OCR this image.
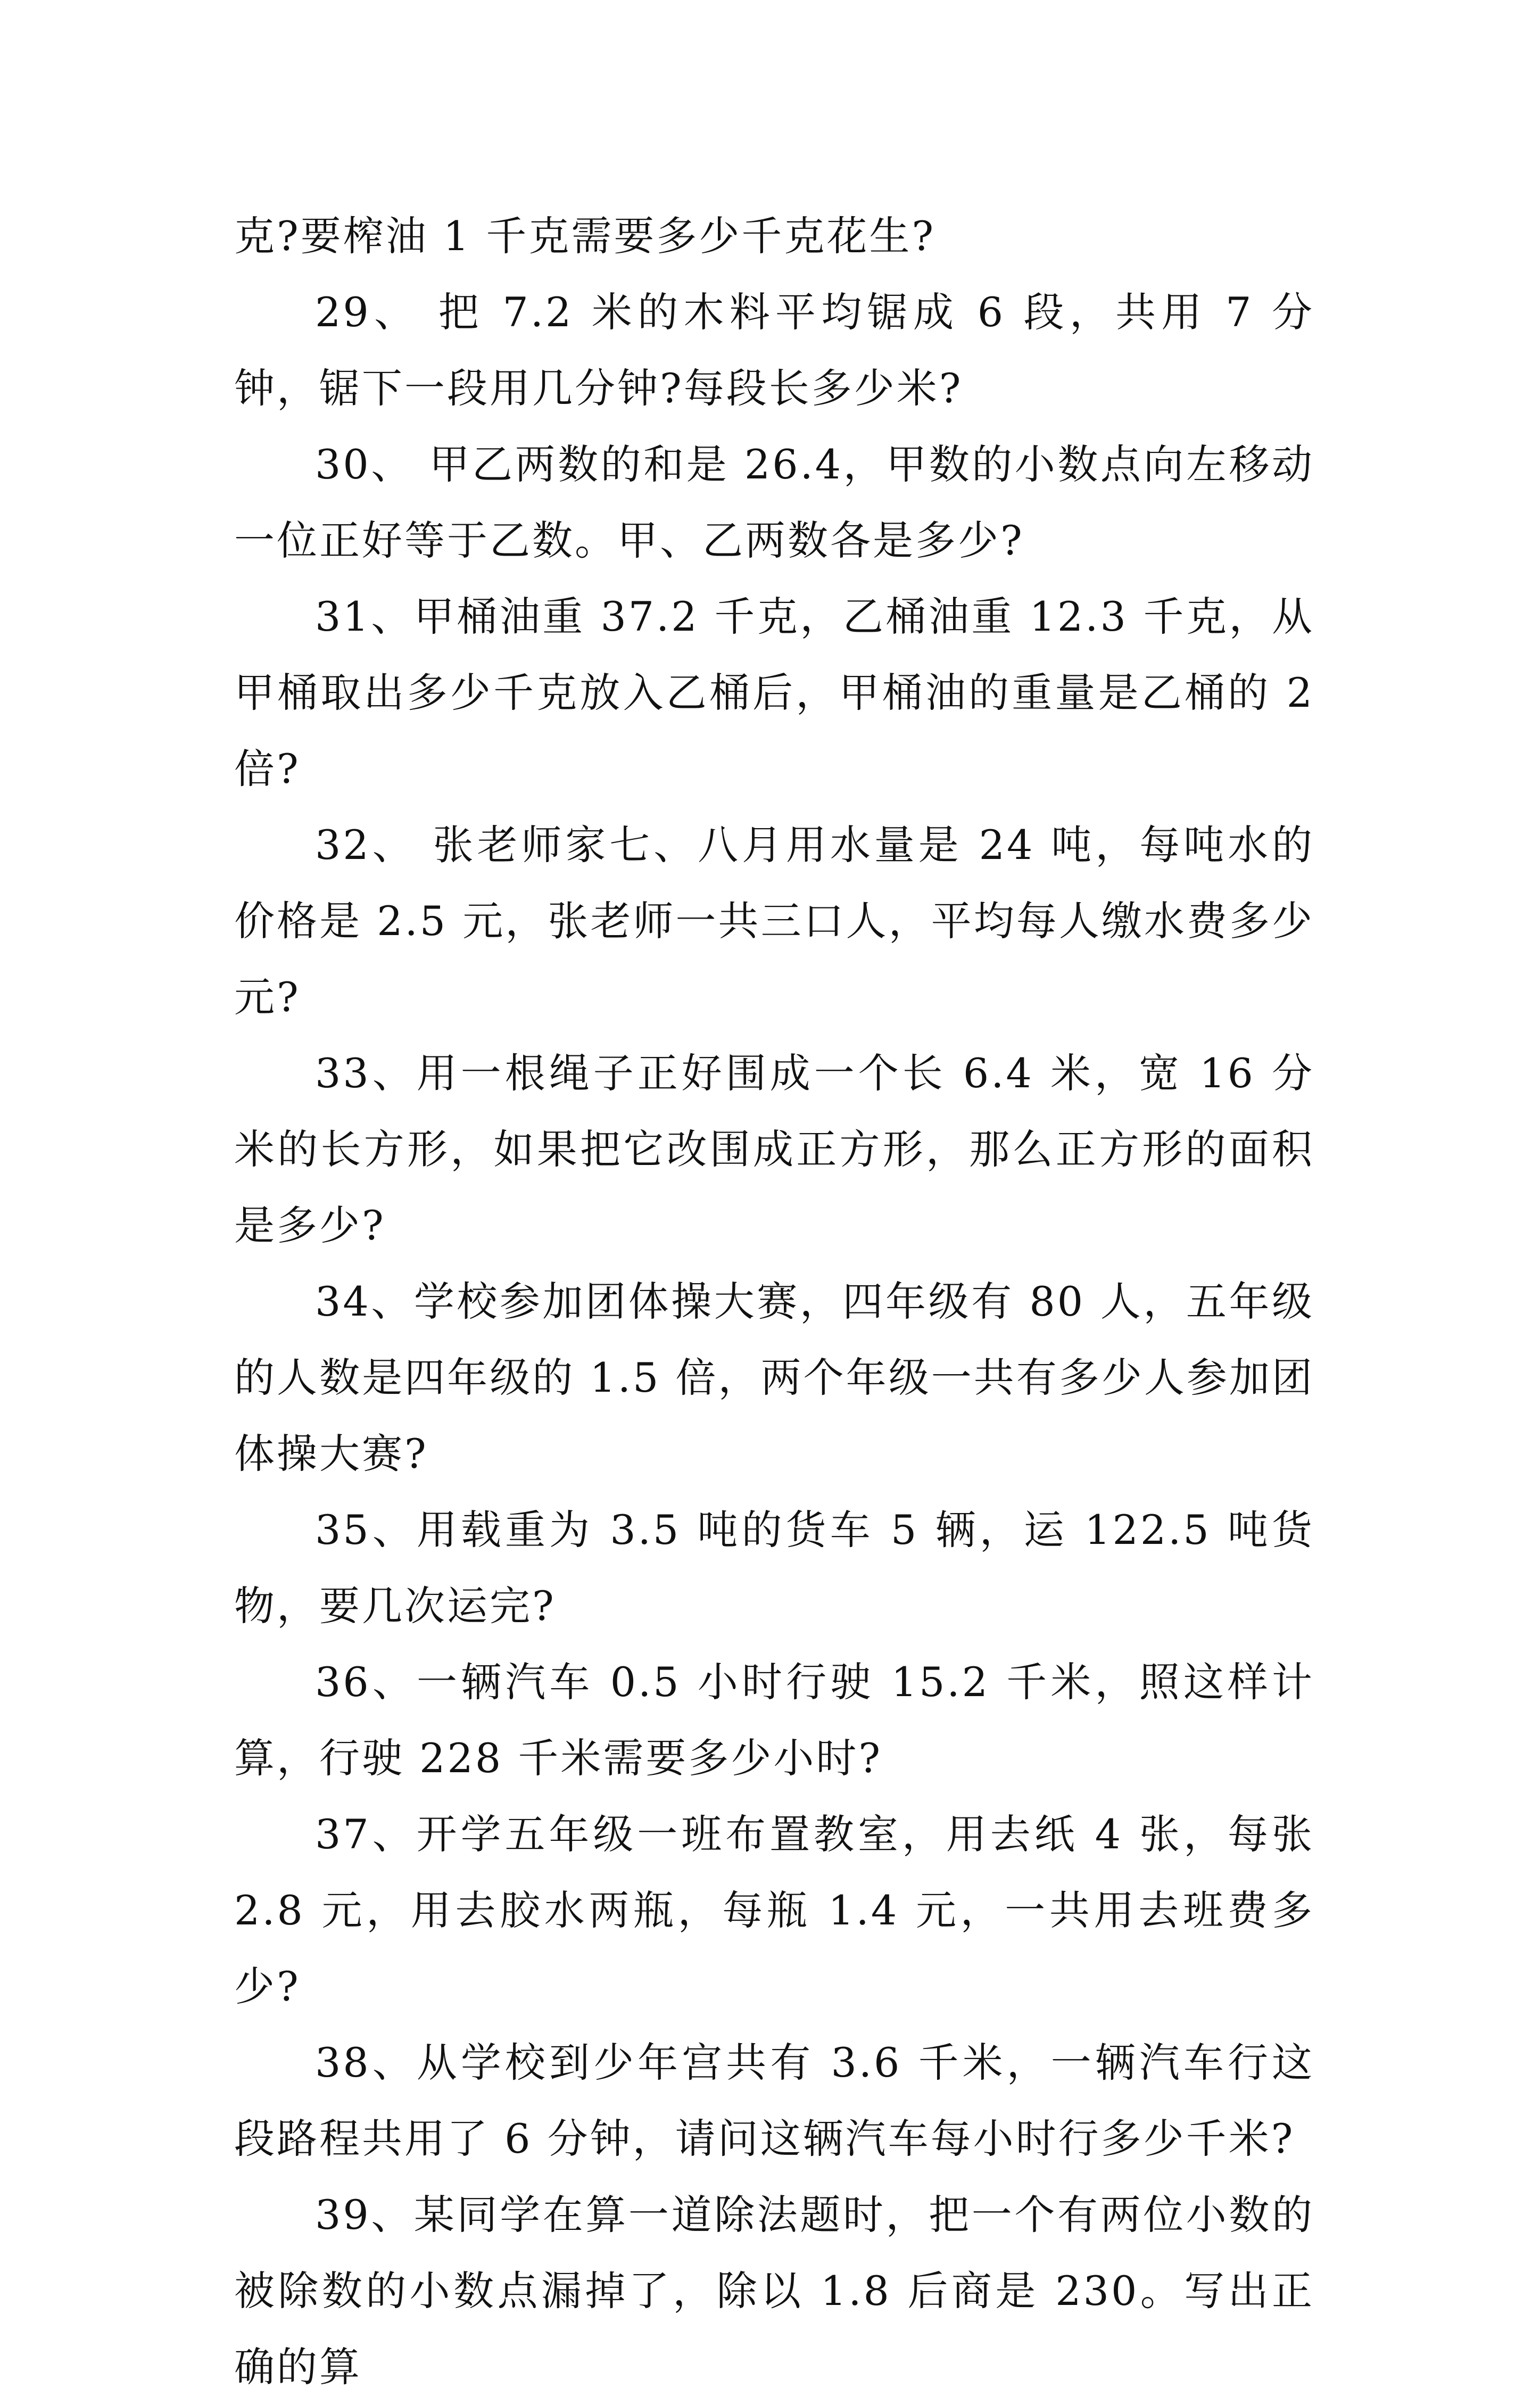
克?要榨油 1 千克需要多少千克花生?

29、 把 7.2 米的木料平均锯成 6 段，共用 7 分钟，锯下一段用几分钟?每段长多少米?

30、 甲乙两数的和是 26.4，甲数的小数点向左移动一位正好等于乙数。甲、乙两数各是多少?

31、甲桶油重 37.2 千克，乙桶油重 12.3 千克，从甲桶取出多少千克放入乙桶后，甲桶油的重量是乙桶的 2 倍?

32、 张老师家七、八月用水量是 24 吨，每吨水的价格是 2.5 元，张老师一共三口人，平均每人缴水费多少元?

33、用一根绳子正好围成一个长 6.4 米，宽 16 分米的长方形，如果把它改围成正方形，那么正方形的面积是多少?

34、学校参加团体操大赛，四年级有 80 人，五年级的人数是四年级的 1.5 倍，两个年级一共有多少人参加团体操大赛?

35、用载重为 3.5 吨的货车 5 辆，运 122.5 吨货物，要几次运完?

36、一辆汽车 0.5 小时行驶 15.2 千米，照这样计算，行驶 228 千米需要多少小时?

37、开学五年级一班布置教室，用去纸 4 张，每张 2.8 元，用去胶水两瓶，每瓶 1.4 元，一共用去班费多少?

38、从学校到少年宫共有 3.6 千米，一辆汽车行这段路程共用了 6 分钟，请问这辆汽车每小时行多少千米?

39、某同学在算一道除法题时，把一个有两位小数的被除数的小数点漏掉了，除以 1.8 后商是 230。写出正确的算
